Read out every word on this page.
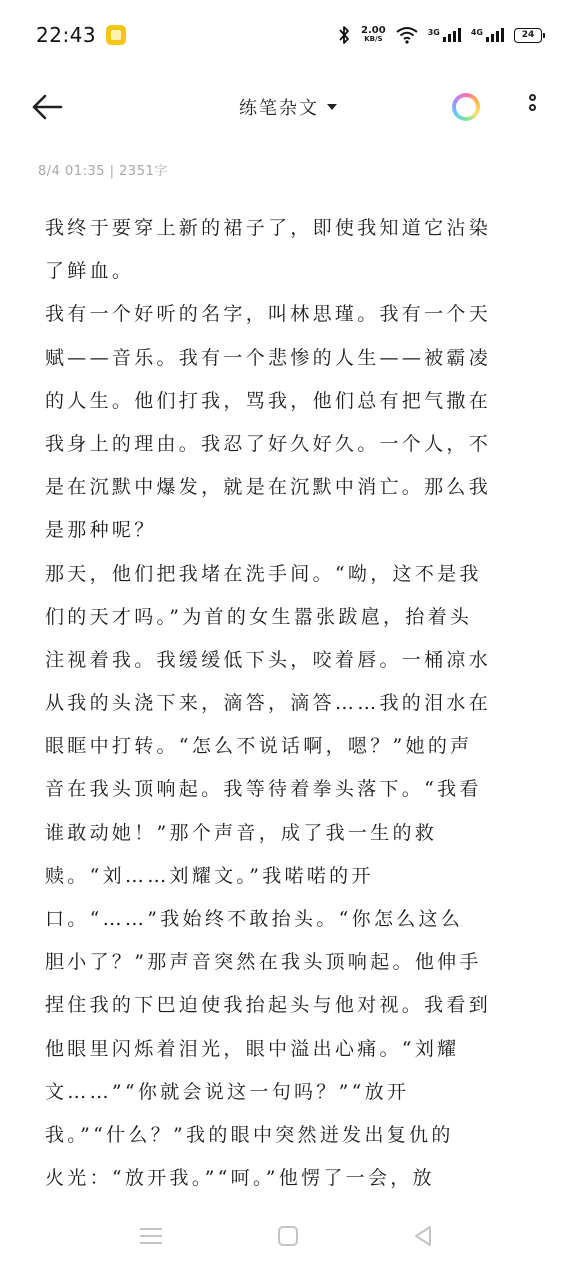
22:43	2.00
KB/S
3G	4G	24
练笔杂文
8/4 01:35 | 2351字
我终于要穿上新的裙子了，即使我知道它沾染
了鲜血。
我有一个好听的名字，叫林思瑾。我有一个天
赋——音乐。我有一个悲惨的人生——被霸凌
的人生。他们打我，骂我，他们总有把气撒在
我身上的理由。我忍了好久好久。一个人，不
是在沉默中爆发，就是在沉默中消亡。那么我
是那种呢？
那天，他们把我堵在洗手间。“呦，这不是我
们的天才吗。”为首的女生嚣张跋扈，抬着头
注视着我。我缓缓低下头，咬着唇。一桶凉水
从我的头浇下来，滴答，滴答……我的泪水在
眼眶中打转。“怎么不说话啊，嗯？”她的声
音在我头顶响起。我等待着拳头落下。“我看
谁敢动她！”那个声音，成了我一生的救
赎。“刘……刘耀文。”我喏喏的开
口。“……”我始终不敢抬头。“你怎么这么
胆小了？”那声音突然在我头顶响起。他伸手
捏住我的下巴迫使我抬起头与他对视。我看到
他眼里闪烁着泪光，眼中溢出心痛。“刘耀
文……”“你就会说这一句吗？”“放开
我。”“什么？”我的眼中突然迸发出复仇的
火光：“放开我。”“呵。”他愣了一会，放
